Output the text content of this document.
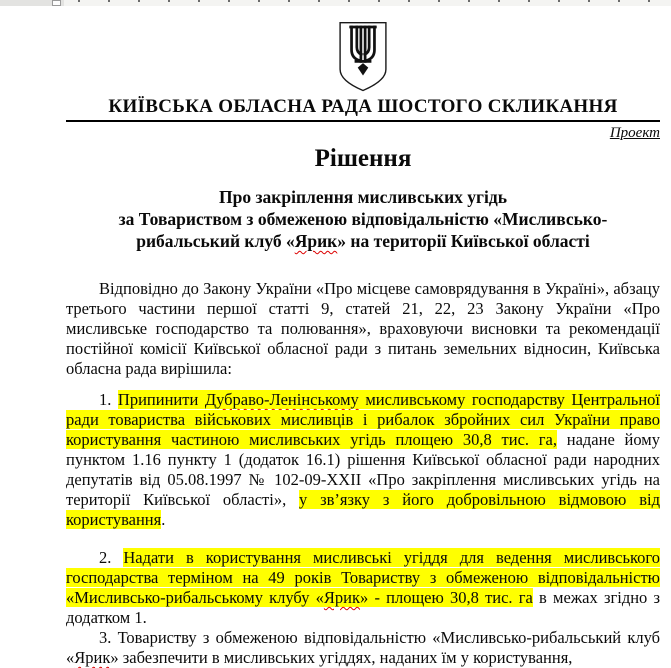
КИЇВСЬКА ОБЛАСНА РАДА ШОСТОГО СКЛИКАННЯ
Проект
Рішення
Про закріплення мисливських угідь
за Товариством з обмеженою відповідальністю «Мисливсько-
рибальський клуб «Ярик» на території Київської області

Відповідно до Закону України «Про місцеве самоврядування в Україні», абзацу третього частини першої статті 9, статей 21, 22, 23 Закону України «Про мисливське господарство та полювання», враховуючи висновки та рекомендації постійної комісії Київської обласної ради з питань земельних відносин, Київська обласна рада вирішила:

1. Припинити Дубраво-Ленінському мисливському господарству Центральної ради товариства військових мисливців і рибалок збройних сил України право користування частиною мисливських угідь площею 30,8 тис. га, надане йому пунктом 1.16 пункту 1 (додаток 16.1) рішення Київської обласної ради народних депутатів від 05.08.1997 № 102-09-XXII «Про закріплення мисливських угідь на території Київської області», у зв’язку з його добровільною відмовою від користування.

2. Надати в користування мисливські угіддя для ведення мисливського господарства терміном на 49 років Товариству з обмеженою відповідальністю «Мисливсько-рибальському клубу «Ярик» - площею 30,8 тис. га в межах згідно з додатком 1.

3. Товариству з обмеженою відповідальністю «Мисливсько-рибальський клуб «Ярик» забезпечити в мисливських угіддях, наданих їм у користування,
